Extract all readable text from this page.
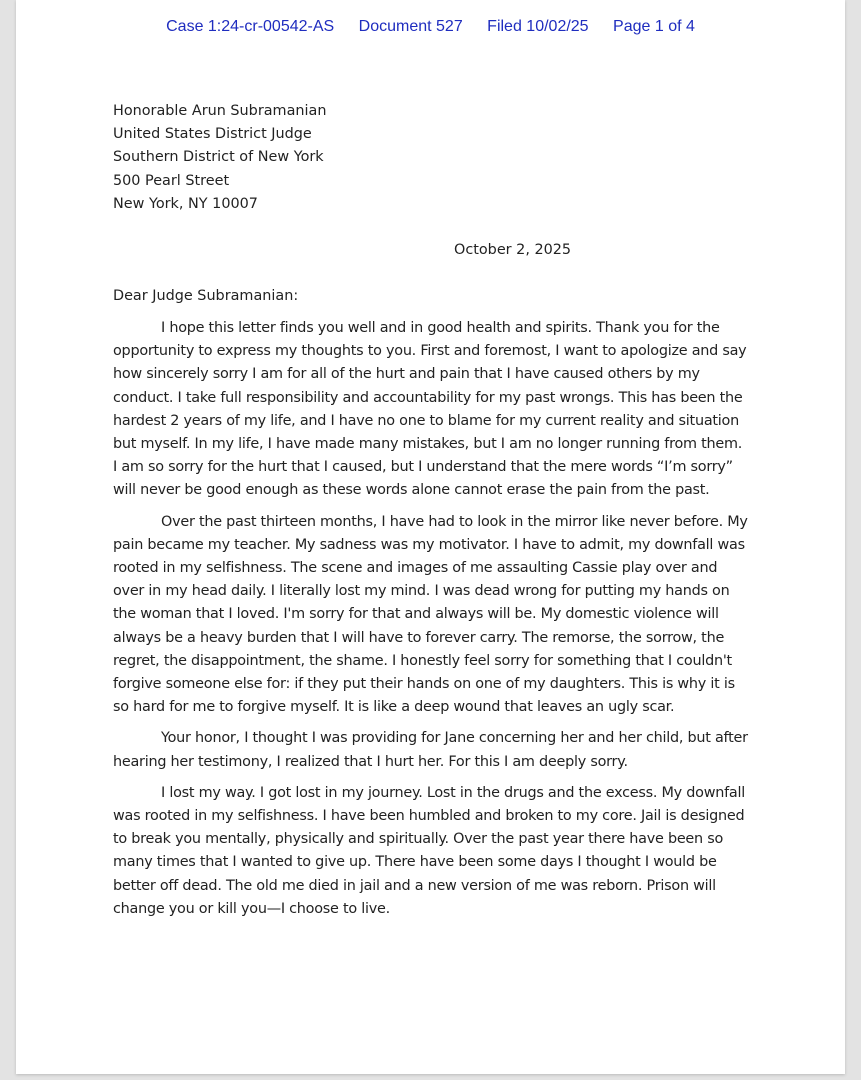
Case 1:24-cr-00542-AS Document 527 Filed 10/02/25 Page 1 of 4
Honorable Arun Subramanian
United States District Judge
Southern District of New York
500 Pearl Street
New York, NY 10007
October 2, 2025
Dear Judge Subramanian:

I hope this letter finds you well and in good health and spirits. Thank you for the opportunity to express my thoughts to you. First and foremost, I want to apologize and say how sincerely sorry I am for all of the hurt and pain that I have caused others by my conduct. I take full responsibility and accountability for my past wrongs. This has been the hardest 2 years of my life, and I have no one to blame for my current reality and situation but myself. In my life, I have made many mistakes, but I am no longer running from them. I am so sorry for the hurt that I caused, but I understand that the mere words “I’m sorry” will never be good enough as these words alone cannot erase the pain from the past.

Over the past thirteen months, I have had to look in the mirror like never before. My pain became my teacher. My sadness was my motivator. I have to admit, my downfall was rooted in my selfishness. The scene and images of me assaulting Cassie play over and over in my head daily. I literally lost my mind. I was dead wrong for putting my hands on the woman that I loved. I'm sorry for that and always will be. My domestic violence will always be a heavy burden that I will have to forever carry. The remorse, the sorrow, the regret, the disappointment, the shame. I honestly feel sorry for something that I couldn't forgive someone else for: if they put their hands on one of my daughters. This is why it is so hard for me to forgive myself. It is like a deep wound that leaves an ugly scar.

Your honor, I thought I was providing for Jane concerning her and her child, but after hearing her testimony, I realized that I hurt her. For this I am deeply sorry.

I lost my way. I got lost in my journey. Lost in the drugs and the excess. My downfall was rooted in my selfishness. I have been humbled and broken to my core. Jail is designed to break you mentally, physically and spiritually. Over the past year there have been so many times that I wanted to give up. There have been some days I thought I would be better off dead. The old me died in jail and a new version of me was reborn. Prison will change you or kill you—I choose to live.
